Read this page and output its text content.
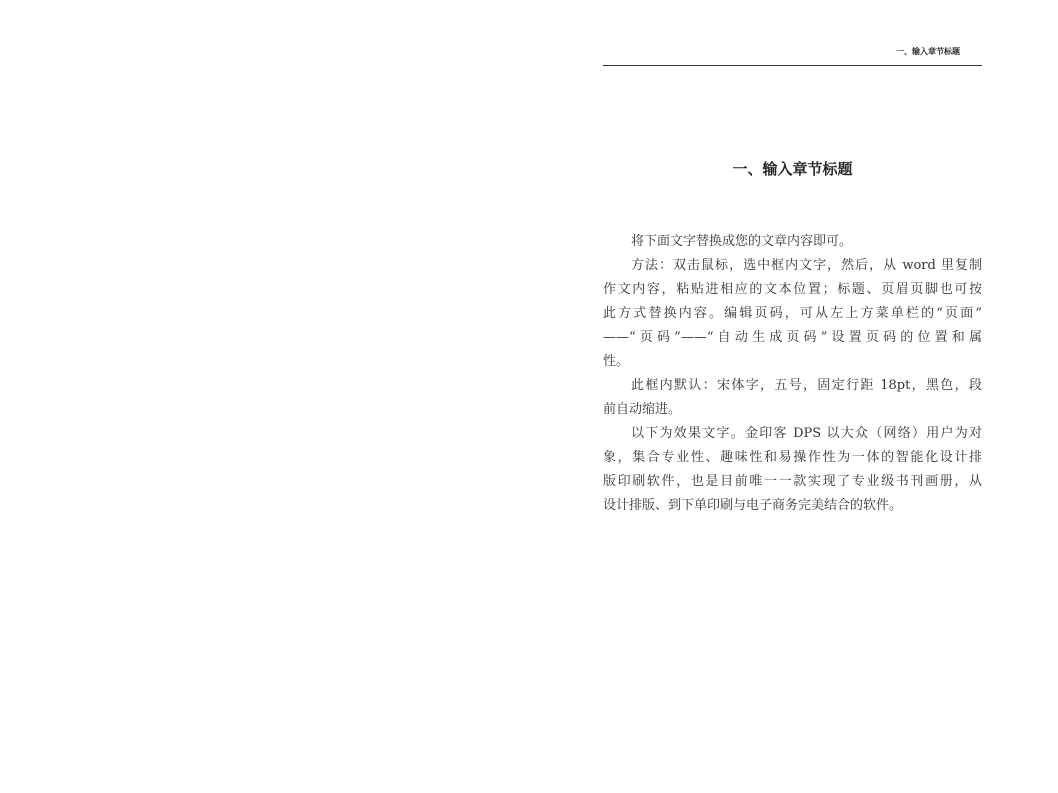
一、输入章节标题
一、输入章节标题
将下面文字替换成您的文章内容即可。
方法：双击鼠标，选中框内文字，然后，从 word 里复制
作文内容，粘贴进相应的文本位置；标题、页眉页脚也可按
此方式替换内容。编辑页码，可从左上方菜单栏的“页面”
——“页码”——“自动生成页码”设置页码的位置和属
性。
此框内默认：宋体字，五号，固定行距 18pt，黑色，段
前自动缩进。
以下为效果文字。金印客 DPS 以大众（网络）用户为对
象，集合专业性、趣味性和易操作性为一体的智能化设计排
版印刷软件，也是目前唯一一款实现了专业级书刊画册，从
设计排版、到下单印刷与电子商务完美结合的软件。
